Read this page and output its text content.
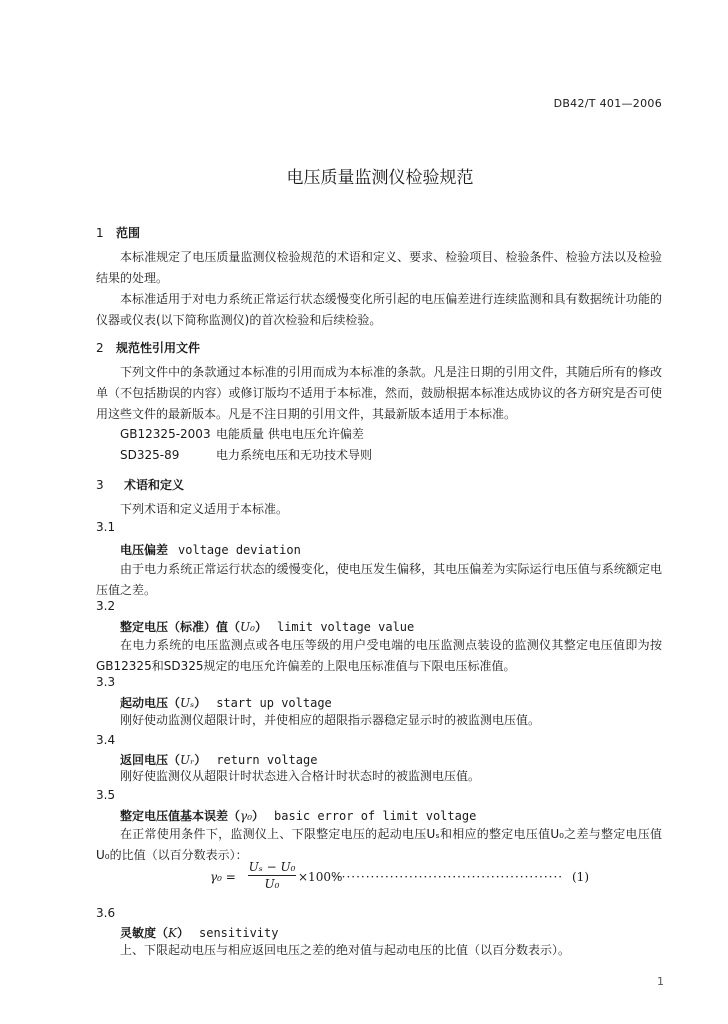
DB42/T 401—2006
电压质量监测仪检验规范
1 范围
本标准规定了电压质量监测仪检验规范的术语和定义、要求、检验项目、检验条件、检验方法以及检验结果的处理。
本标准适用于对电力系统正常运行状态缓慢变化所引起的电压偏差进行连续监测和具有数据统计功能的仪器或仪表(以下简称监测仪)的首次检验和后续检验。
2 规范性引用文件
下列文件中的条款通过本标准的引用而成为本标准的条款。凡是注日期的引用文件，其随后所有的修改单（不包括勘误的内容）或修订版均不适用于本标准，然而，鼓励根据本标准达成协议的各方研究是否可使用这些文件的最新版本。凡是不注日期的引用文件，其最新版本适用于本标准。
GB12325-2003 电能质量 供电电压允许偏差
SD325-89	电力系统电压和无功技术导则
3 术语和定义
下列术语和定义适用于本标准。
3.1
电压偏差 voltage deviation
由于电力系统正常运行状态的缓慢变化，使电压发生偏移，其电压偏差为实际运行电压值与系统额定电压值之差。
3.2
整定电压（标准）值（U₀） limit voltage value
在电力系统的电压监测点或各电压等级的用户受电端的电压监测点装设的监测仪其整定电压值即为按GB12325和SD325规定的电压允许偏差的上限电压标准值与下限电压标准值。
3.3
起动电压（Uₛ） start up voltage
刚好使动监测仪超限计时，并使相应的超限指示器稳定显示时的被监测电压值。
3.4
返回电压（Uᵣ） return voltage
刚好使监测仪从超限计时状态进入合格计时状态时的被监测电压值。
3.5
整定电压值基本误差（γ₀） basic error of limit voltage
在正常使用条件下，监测仪上、下限整定电压的起动电压Uₛ和相应的整定电压值U₀之差与整定电压值U₀的比值（以百分数表示）：
$\gamma_0 = \frac{\text{Uₛ − U₀}}{\text{U₀}} \times 100\%$
················································ (1)
3.6
灵敏度（K） sensitivity
上、下限起动电压与相应返回电压之差的绝对值与起动电压的比值（以百分数表示）。
1
